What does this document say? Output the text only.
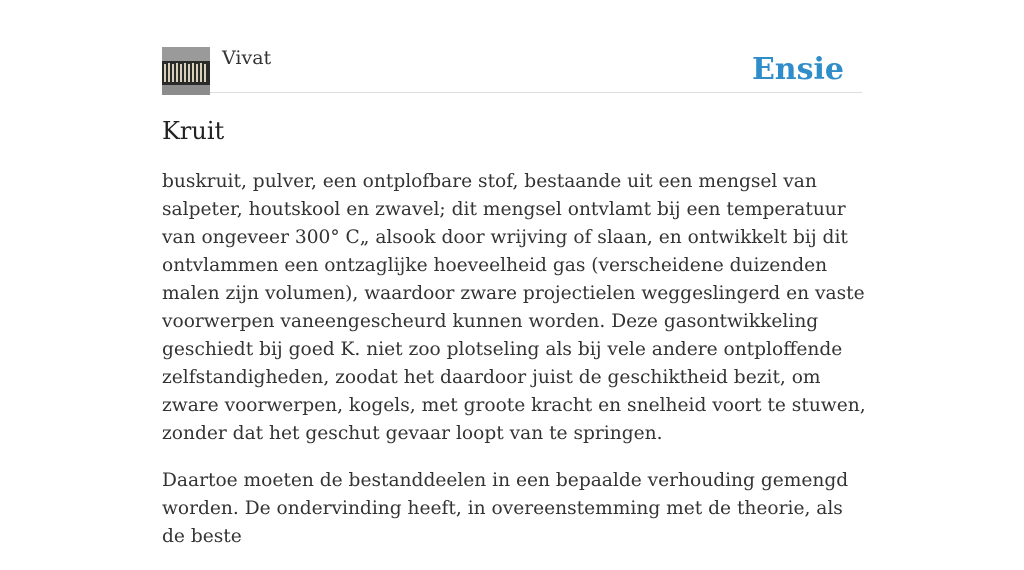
Vivat	Ensie
Kruit

buskruit, pulver, een ontplofbare stof, bestaande uit een mengsel van salpeter, houtskool en zwavel; dit mengsel ontvlamt bij een temperatuur van ongeveer 300° C„ alsook door wrijving of slaan, en ontwikkelt bij dit ontvlammen een ontzaglijke hoeveelheid gas (verscheidene duizenden malen zijn volumen), waardoor zware projectielen weggeslingerd en vaste voorwerpen vaneengescheurd kunnen worden. Deze gasontwikkeling geschiedt bij goed K. niet zoo plotseling als bij vele andere ontploffende zelfstandigheden, zoodat het daardoor juist de geschiktheid bezit, om zware voorwerpen, kogels, met groote kracht en snelheid voort te stuwen, zonder dat het geschut gevaar loopt van te springen.

Daartoe moeten de bestanddeelen in een bepaalde verhouding gemengd worden. De ondervinding heeft, in overeenstemming met de theorie, als de beste
